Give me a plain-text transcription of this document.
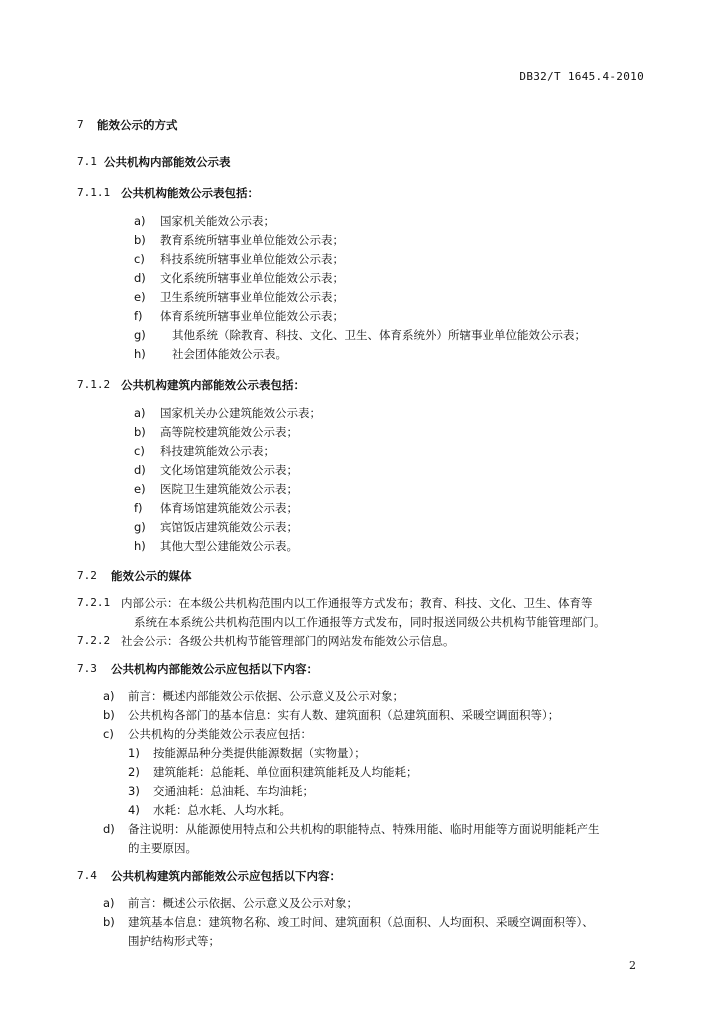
DB32/T 1645.4-2010
7 能效公示的方式
7.1 公共机构内部能效公示表
7.1.1 公共机构能效公示表包括：
a) 国家机关能效公示表；
b) 教育系统所辖事业单位能效公示表；
c) 科技系统所辖事业单位能效公示表；
d) 文化系统所辖事业单位能效公示表；
e) 卫生系统所辖事业单位能效公示表；
f) 体育系统所辖事业单位能效公示表；
g) 其他系统（除教育、科技、文化、卫生、体育系统外）所辖事业单位能效公示表；
h) 社会团体能效公示表。
7.1.2 公共机构建筑内部能效公示表包括：
a) 国家机关办公建筑能效公示表；
b) 高等院校建筑能效公示表；
c) 科技建筑能效公示表；
d) 文化场馆建筑能效公示表；
e) 医院卫生建筑能效公示表；
f) 体育场馆建筑能效公示表；
g) 宾馆饭店建筑能效公示表；
h) 其他大型公建能效公示表。
7.2 能效公示的媒体
7.2.1 内部公示：在本级公共机构范围内以工作通报等方式发布；教育、科技、文化、卫生、体育等
系统在本系统公共机构范围内以工作通报等方式发布，同时报送同级公共机构节能管理部门。
7.2.2 社会公示：各级公共机构节能管理部门的网站发布能效公示信息。
7.3 公共机构内部能效公示应包括以下内容：
a) 前言：概述内部能效公示依据、公示意义及公示对象；
b) 公共机构各部门的基本信息：实有人数、建筑面积（总建筑面积、采暖空调面积等）；
c) 公共机构的分类能效公示表应包括：
1) 按能源品种分类提供能源数据（实物量）；
2) 建筑能耗：总能耗、单位面积建筑能耗及人均能耗；
3) 交通油耗：总油耗、车均油耗；
4) 水耗：总水耗、人均水耗。
d) 备注说明：从能源使用特点和公共机构的职能特点、特殊用能、临时用能等方面说明能耗产生
的主要原因。
7.4 公共机构建筑内部能效公示应包括以下内容：
a) 前言：概述公示依据、公示意义及公示对象；
b) 建筑基本信息：建筑物名称、竣工时间、建筑面积（总面积、人均面积、采暖空调面积等）、
围护结构形式等；
2
